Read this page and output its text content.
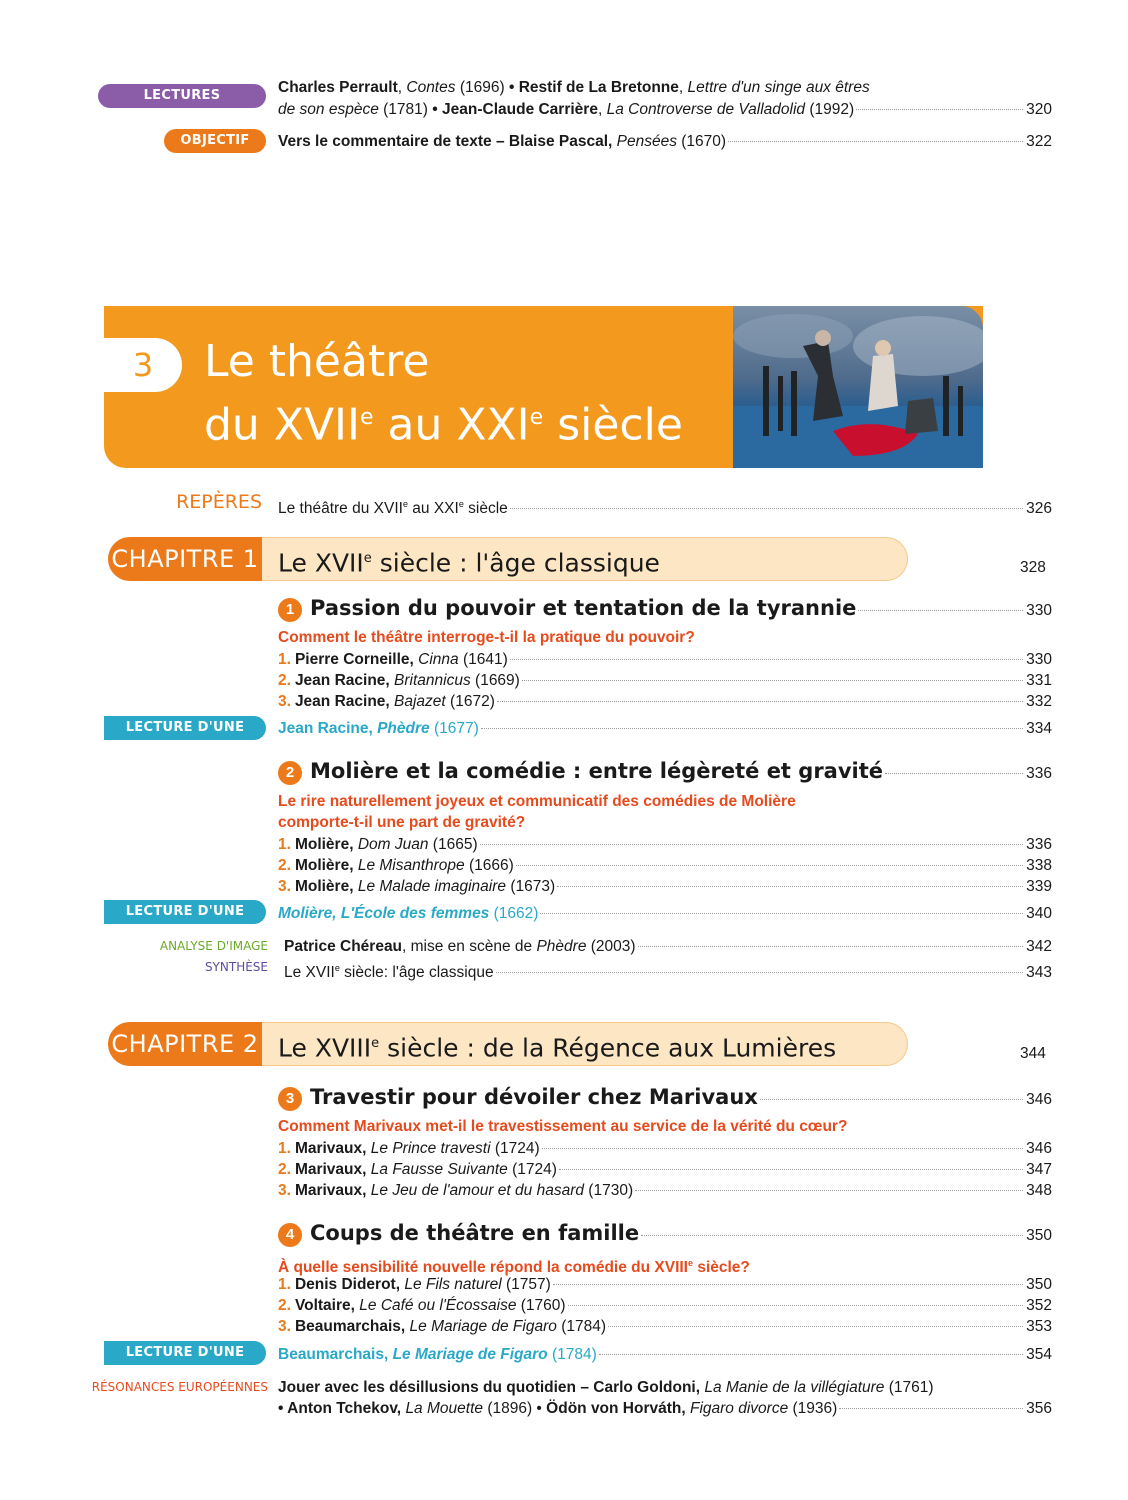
LECTURES PERSONNELLES
Charles Perrault, Contes (1696) • Restif de La Bretonne, Lettre d'un singe aux êtres
de son espèce (1781) • Jean-Claude Carrière, La Controverse de Valladolid (1992)	320
OBJECTIF BAC
Vers le commentaire de texte – Blaise Pascal, Pensées (1670)	322
3	Le théâtre
du XVIIe au XXIe siècle
REPÈRES Le théâtre du XVIIe au XXIe siècle	326
CHAPITRE 1 Le XVIIe siècle : l'âge classique	328
1 Passion du pouvoir et tentation de la tyrannie	330
Comment le théâtre interroge-t-il la pratique du pouvoir?
1. Pierre Corneille, Cinna (1641)	330
2. Jean Racine, Britannicus (1669)	331
3. Jean Racine, Bajazet (1672)	332
LECTURE D'UNE ŒUVRE
Jean Racine, Phèdre (1677)	334
2 Molière et la comédie : entre légèreté et gravité	336
Le rire naturellement joyeux et communicatif des comédies de Molière
comporte-t-il une part de gravité?
1. Molière, Dom Juan (1665)	336
2. Molière, Le Misanthrope (1666)	338
3. Molière, Le Malade imaginaire (1673)	339
LECTURE D'UNE ŒUVRE
Molière, L'École des femmes (1662)	340
ANALYSE D'IMAGE Patrice Chéreau, mise en scène de Phèdre (2003)	342
SYNTHÈSE Le XVIIe siècle: l'âge classique	343
CHAPITRE 2 Le XVIIIe siècle : de la Régence aux Lumières	344
3 Travestir pour dévoiler chez Marivaux	346
Comment Marivaux met-il le travestissement au service de la vérité du cœur?
1. Marivaux, Le Prince travesti (1724)	346
2. Marivaux, La Fausse Suivante (1724)	347
3. Marivaux, Le Jeu de l'amour et du hasard (1730)	348
4 Coups de théâtre en famille	350
À quelle sensibilité nouvelle répond la comédie du XVIIIe siècle?
1. Denis Diderot, Le Fils naturel (1757)	350
2. Voltaire, Le Café ou l'Écossaise (1760)	352
3. Beaumarchais, Le Mariage de Figaro (1784)	353
LECTURE D'UNE ŒUVRE
Beaumarchais, Le Mariage de Figaro (1784)	354
RÉSONANCES EUROPÉENNES Jouer avec les désillusions du quotidien – Carlo Goldoni, La Manie de la villégiature (1761)
• Anton Tchekov, La Mouette (1896) • Ödön von Horváth, Figaro divorce (1936)	356
